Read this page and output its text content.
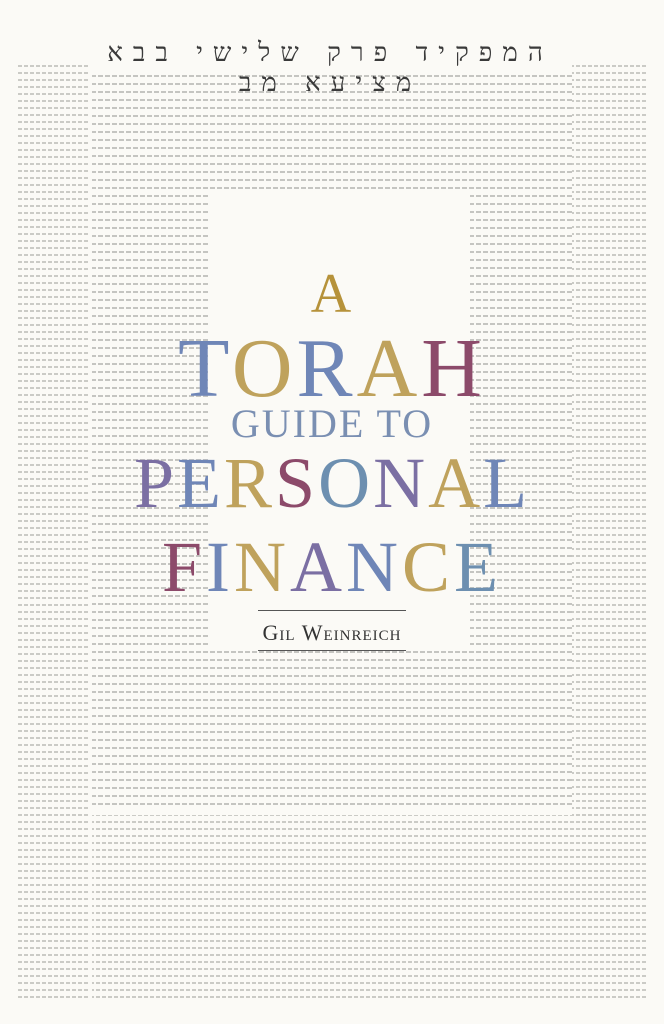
המפקיד פרק שלישי בבא מציעא מב
A
TORAH
GUIDE TO
PERSONAL
FINANCE
Gil Weinreich
